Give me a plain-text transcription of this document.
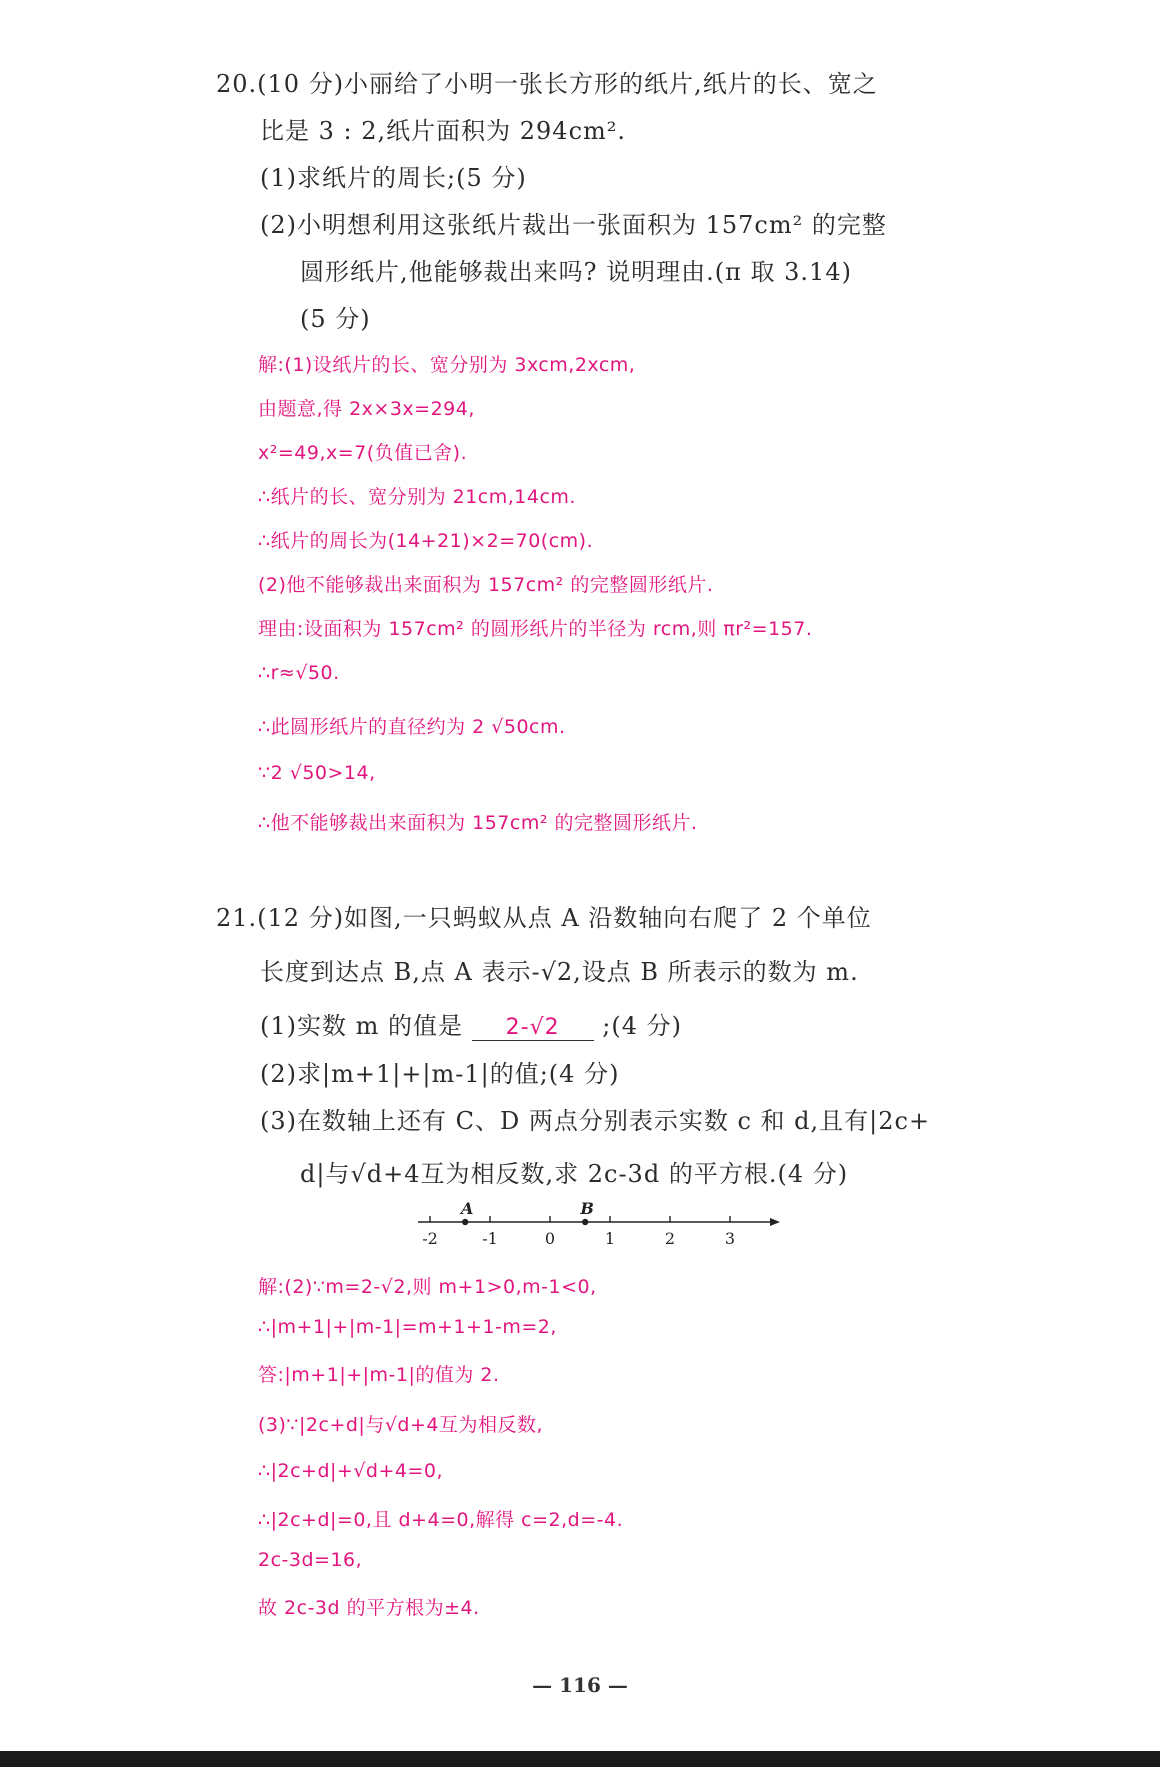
20.(10 分)小丽给了小明一张长方形的纸片,纸片的长、宽之
比是 3 : 2,纸片面积为 294cm².
(1)求纸片的周长;(5 分)
(2)小明想利用这张纸片裁出一张面积为 157cm² 的完整
圆形纸片,他能够裁出来吗? 说明理由.(π 取 3.14)
(5 分)
解:(1)设纸片的长、宽分别为 3xcm,2xcm,
由题意,得 2x×3x=294,
x²=49,x=7(负值已舍).
∴纸片的长、宽分别为 21cm,14cm.
∴纸片的周长为(14+21)×2=70(cm).
(2)他不能够裁出来面积为 157cm² 的完整圆形纸片.
理由:设面积为 157cm² 的圆形纸片的半径为 rcm,则 πr²=157.
∴r≈√50.
∴此圆形纸片的直径约为 2 √50cm.
∵2 √50>14,
∴他不能够裁出来面积为 157cm² 的完整圆形纸片.
21.(12 分)如图,一只蚂蚁从点 A 沿数轴向右爬了 2 个单位
长度到达点 B,点 A 表示-√2,设点 B 所表示的数为 m.
(1)实数 m 的值是 2-√2 ;(4 分)
(2)求|m+1|+|m-1|的值;(4 分)
(3)在数轴上还有 C、D 两点分别表示实数 c 和 d,且有|2c+
d|与√d+4互为相反数,求 2c-3d 的平方根.(4 分)
-2	-1	0	1	2	3
A	B
解:(2)∵m=2-√2,则 m+1>0,m-1<0,
∴|m+1|+|m-1|=m+1+1-m=2,
答:|m+1|+|m-1|的值为 2.
(3)∵|2c+d|与√d+4互为相反数,
∴|2c+d|+√d+4=0,
∴|2c+d|=0,且 d+4=0,解得 c=2,d=-4.
2c-3d=16,
故 2c-3d 的平方根为±4.
— 116 —
